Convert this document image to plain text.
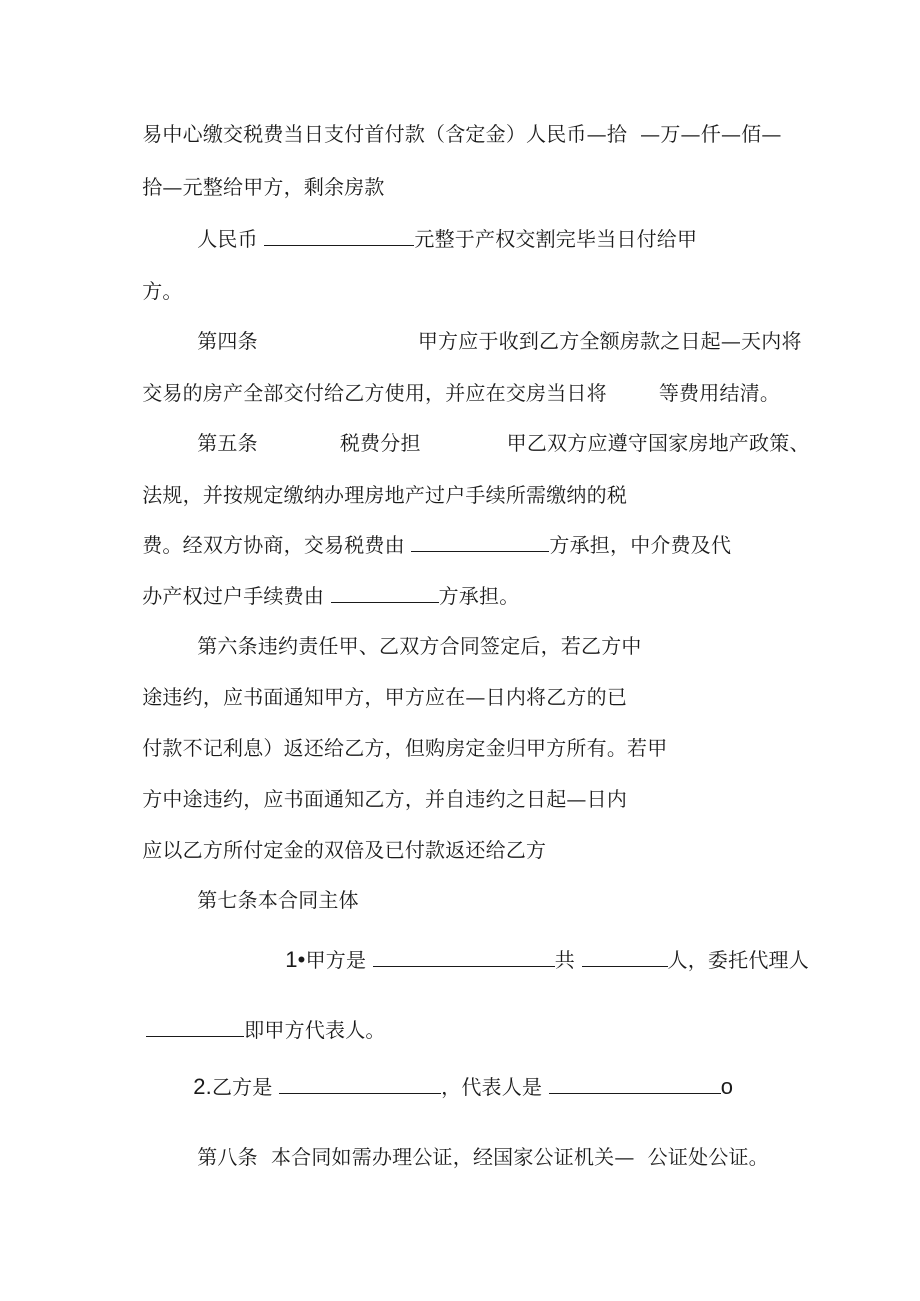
易中心缴交税费当日支付首付款（含定金）人民币—拾  —万—仟—佰—

拾—元整给甲方，剩余房款

人民币	元整于产权交割完毕当日付给甲

方。

第四条	甲方应于收到乙方全额房款之日起—天内将

交易的房产全部交付给乙方使用，并应在交房当日将	等费用结清。

第五条	税费分担	甲乙双方应遵守国家房地产政策、

法规，并按规定缴纳办理房地产过户手续所需缴纳的税

费。经双方协商，交易税费由	方承担，中介费及代

办产权过户手续费由	方承担。

第六条违约责任甲、乙双方合同签定后，若乙方中

途违约，应书面通知甲方，甲方应在—日内将乙方的已

付款不记利息）返还给乙方，但购房定金归甲方所有。若甲

方中途违约，应书面通知乙方，并自违约之日起—日内

应以乙方所付定金的双倍及已付款返还给乙方

第七条本合同主体

1•甲方是	共	人，委托代理人

即甲方代表人。

2.乙方是	，代表人是	o

第八条  本合同如需办理公证，经国家公证机关—  公证处公证。
